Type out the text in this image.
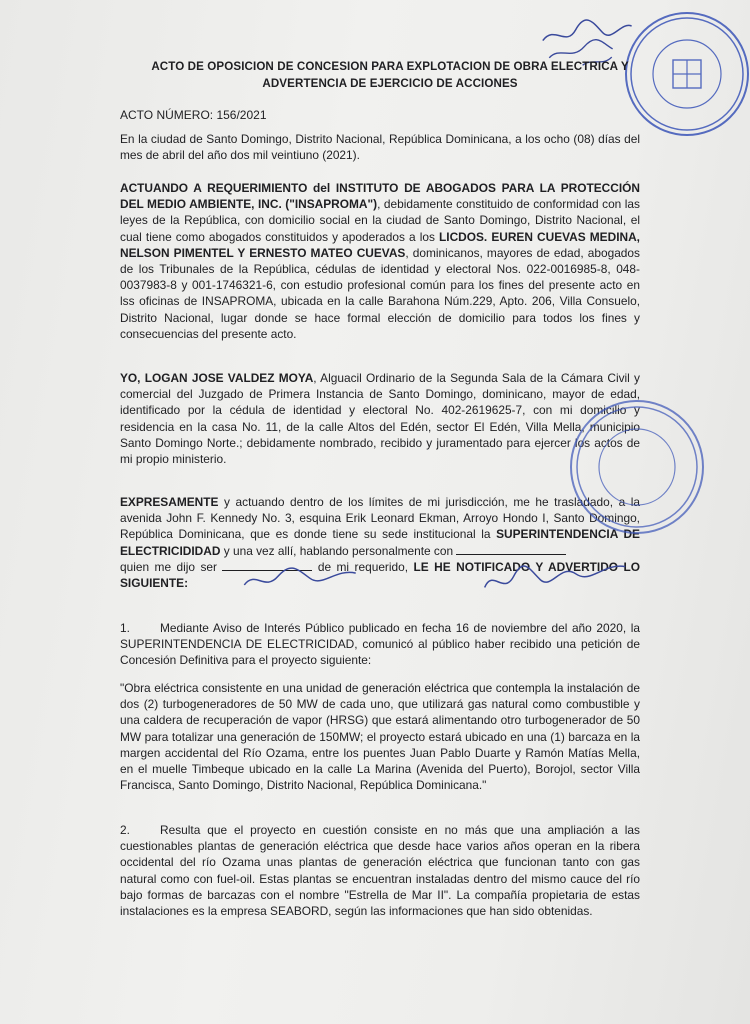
ACTO DE OPOSICION DE CONCESION PARA EXPLOTACION DE OBRA ELECTRICA Y ADVERTENCIA DE EJERCICIO DE ACCIONES
ACTO NÚMERO: 156/2021
En la ciudad de Santo Domingo, Distrito Nacional, República Dominicana, a los ocho (08) días del mes de abril del año dos mil veintiuno (2021).
ACTUANDO A REQUERIMIENTO del INSTITUTO DE ABOGADOS PARA LA PROTECCIÓN DEL MEDIO AMBIENTE, INC. ("INSAPROMA"), debidamente constituido de conformidad con las leyes de la República, con domicilio social en la ciudad de Santo Domingo, Distrito Nacional, el cual tiene como abogados constituidos y apoderados a los LICDOS. EUREN CUEVAS MEDINA, NELSON PIMENTEL Y ERNESTO MATEO CUEVAS, dominicanos, mayores de edad, abogados de los Tribunales de la República, cédulas de identidad y electoral Nos. 022-0016985-8, 048-0037983-8 y 001-1746321-6, con estudio profesional común para los fines del presente acto en lss oficinas de INSAPROMA, ubicada en la calle Barahona Núm.229, Apto. 206, Villa Consuelo, Distrito Nacional, lugar donde se hace formal elección de domicilio para todos los fines y consecuencias del presente acto.
YO, LOGAN JOSE VALDEZ MOYA, Alguacil Ordinario de la Segunda Sala de la Cámara Civil y comercial del Juzgado de Primera Instancia de Santo Domingo, dominicano, mayor de edad, identificado por la cédula de identidad y electoral No. 402-2619625-7, con mi domicilio y residencia en la casa No. 11, de la calle Altos del Edén, sector El Edén, Villa Mella, municipio Santo Domingo Norte.; debidamente nombrado, recibido y juramentado para ejercer los actos de mi propio ministerio.
EXPRESAMENTE y actuando dentro de los límites de mi jurisdicción, me he trasladado, a la avenida John F. Kennedy No. 3, esquina Erik Leonard Ekman, Arroyo Hondo I, Santo Domingo, República Dominicana, que es donde tiene su sede institucional la SUPERINTENDENCIA DE ELECTRICIDIDAD y una vez allí, hablando personalmente con
quien me dijo ser	de mi requerido, LE HE NOTIFICADO Y ADVERTIDO LO SIGUIENTE:
1.	Mediante Aviso de Interés Público publicado en fecha 16 de noviembre del año 2020, la SUPERINTENDENCIA DE ELECTRICIDAD, comunicó al público haber recibido una petición de Concesión Definitiva para el proyecto siguiente:
"Obra eléctrica consistente en una unidad de generación eléctrica que contempla la instalación de dos (2) turbogeneradores de 50 MW de cada uno, que utilizará gas natural como combustible y una caldera de recuperación de vapor (HRSG) que estará alimentando otro turbogenerador de 50 MW para totalizar una generación de 150MW; el proyecto estará ubicado en una (1) barcaza en la margen accidental del Río Ozama, entre los puentes Juan Pablo Duarte y Ramón Matías Mella, en el muelle Timbeque ubicado en la calle La Marina (Avenida del Puerto), Borojol, sector Villa Francisca, Santo Domingo, Distrito Nacional, República Dominicana."
2.	Resulta que el proyecto en cuestión consiste en no más que una ampliación a las cuestionables plantas de generación eléctrica que desde hace varios años operan en la ribera occidental del río Ozama unas plantas de generación eléctrica que funcionan tanto con gas natural como con fuel-oil. Estas plantas se encuentran instaladas dentro del mismo cauce del río bajo formas de barcazas con el nombre "Estrella de Mar II". La compañía propietaria de estas instalaciones es la empresa SEABORD, según las informaciones que han sido obtenidas.
